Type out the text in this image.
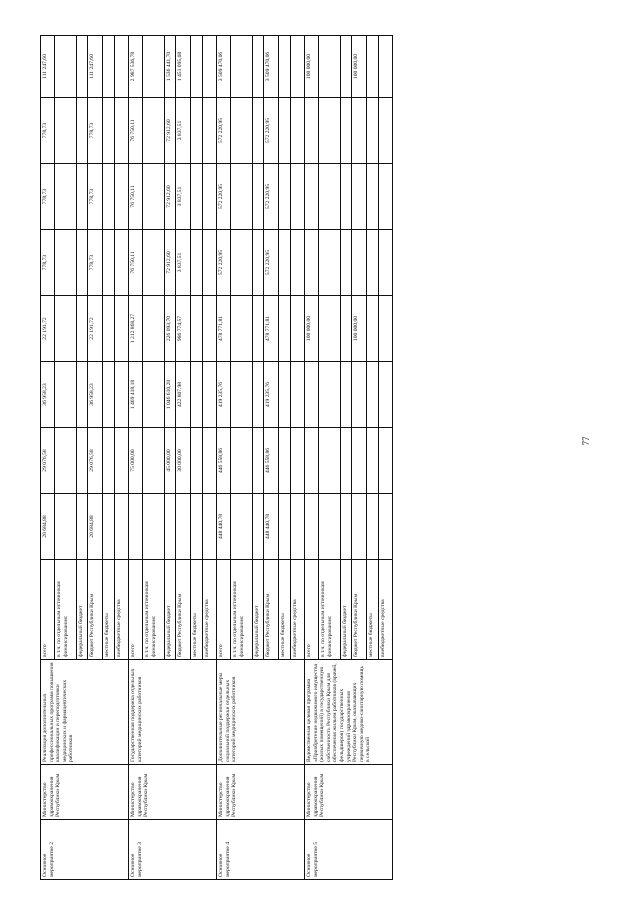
Основное мероприятие 2	Министерство здравоохранения Республики Крым	Реализация дополнительных профессиональных программ повышения квалификации и переподготовки медицинских и фармацевтических работников	всего	20 684,88	29 076,58	36 958,23	22 191,72	778,73	778,73	778,73	111 247,60
			в т.ч. по отдельным источникам финансирования:								
			федеральный бюджет								
			бюджет Республики Крым	20 684,88	29 076,58	36 958,23	22 191,72	778,73	778,73	778,73	111 247,60
			местные бюджеты								
			внебюджетные средства								
Основное мероприятие 3	Министерство здравоохранения Республики Крым	Государственная поддержка отдельных категорий медицинских работников	всего		75 000,00	1 469 418,18	1 212 868,27	76 750,11	76 750,11	76 750,11	2 987 536,78
			в т.ч. по отдельным источникам финансирования:								
			федеральный бюджет		45 000,00	1 046 610,20	226 093,70	72 912,60	72 912,60	72 912,60	1 536 441,70
			бюджет Республики Крым		30 000,00	422 807,98	986 774,57	3 837,51	3 837,51	3 837,51	1 451 095,08
			местные бюджеты								
			внебюджетные средства								
Основное мероприятие 4	Министерство здравоохранения Республики Крым	Дополнительные региональные меры социальной поддержки отдельных категорий медицинских работников	всего	448 440,78	446 558,86	419 235,76	478 771,81	572 220,95	572 220,95	572 220,95	3 509 470,06
			в т.ч. по отдельным источникам финансирования:								
			федеральный бюджет								
			бюджет Республики Крым	448 440,78	446 558,86	419 235,76	478 771,81	572 220,95	572 220,95	572 220,95	3 509 470,06
			местные бюджеты								
			внебюджетные средства								
Основное мероприятие 5	Министерство здравоохранения Республики Крым	Ведомственная целевая программа «Приобретение недвижимого имущества (жилых помещений) в государственную собственность Республики Крым для обеспечения жильем работников (врачей, фельдшеров) государственных учреждений здравоохранения Республики Крым, оказывающих первичную медико-санитарную помощь в сельской	всего				100 000,00				100 000,00
			в т.ч. по отдельным источникам финансирования:								
			федеральный бюджет								
			бюджет Республики Крым				100 000,00				100 000,00
			местные бюджеты								
			внебюджетные средства								
77
